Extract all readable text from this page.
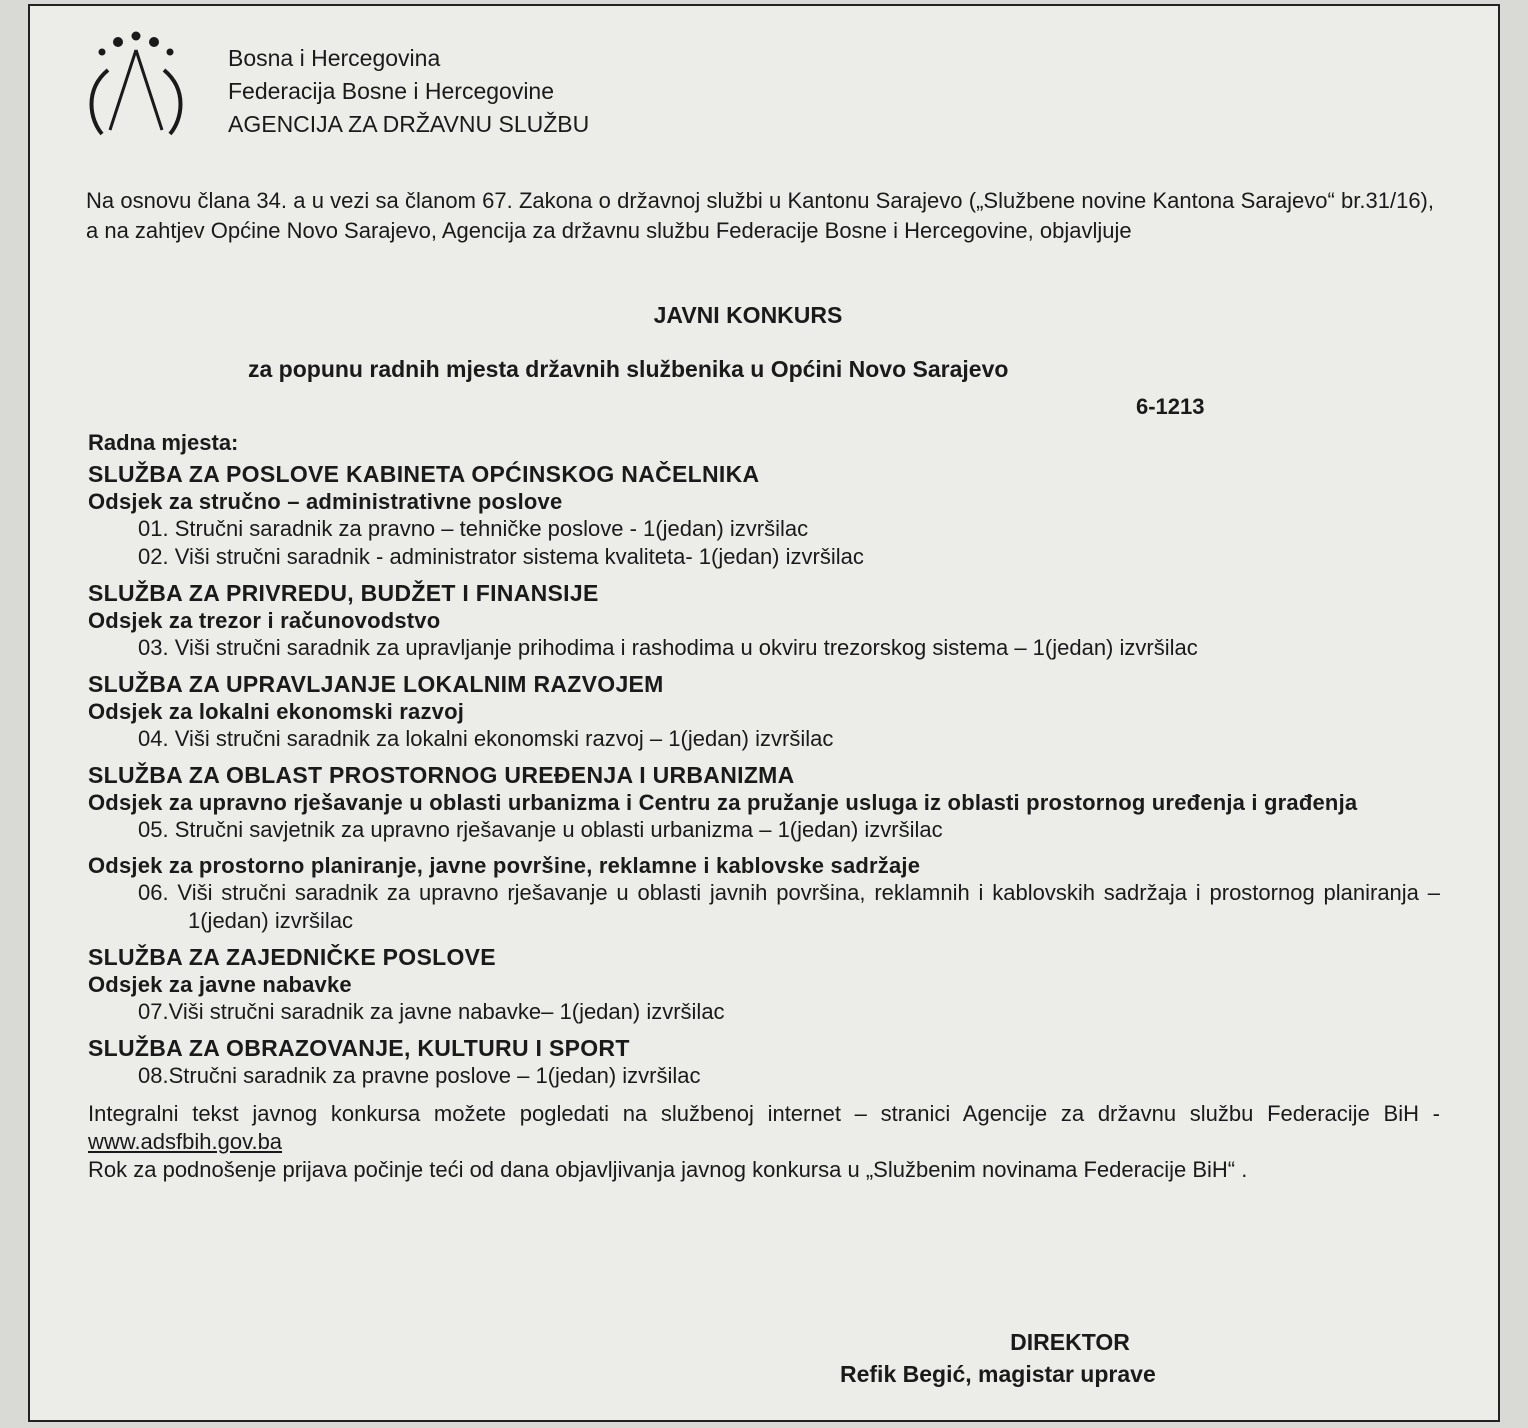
Bosna i Hercegovina
Federacija Bosne i Hercegovine
AGENCIJA ZA DRŽAVNU SLUŽBU
Na osnovu člana 34. a u vezi sa članom 67. Zakona o državnoj službi u Kantonu Sarajevo („Službene novine Kantona Sarajevo“ br.31/16), a na zahtjev Općine Novo Sarajevo, Agencija za državnu službu Federacije Bosne i Hercegovine, objavljuje
JAVNI KONKURS
za popunu radnih mjesta državnih službenika u Općini Novo Sarajevo
6-1213
Radna mjesta:
SLUŽBA ZA POSLOVE KABINETA OPĆINSKOG NAČELNIKA
Odsjek za stručno – administrativne poslove
01. Stručni saradnik za pravno – tehničke poslove - 1(jedan) izvršilac
02. Viši stručni saradnik - administrator sistema kvaliteta- 1(jedan) izvršilac
SLUŽBA ZA PRIVREDU, BUDŽET I FINANSIJE
Odsjek za trezor i računovodstvo
03. Viši stručni saradnik za upravljanje prihodima i rashodima u okviru trezorskog sistema – 1(jedan) izvršilac
SLUŽBA ZA UPRAVLJANJE LOKALNIM RAZVOJEM
Odsjek za lokalni ekonomski razvoj
04. Viši stručni saradnik za lokalni ekonomski razvoj – 1(jedan) izvršilac
SLUŽBA ZA OBLAST PROSTORNOG UREĐENJA I URBANIZMA
Odsjek za upravno rješavanje u oblasti urbanizma i Centru za pružanje usluga iz oblasti prostornog uređenja i građenja
05. Stručni savjetnik za upravno rješavanje u oblasti urbanizma – 1(jedan) izvršilac
Odsjek za prostorno planiranje, javne površine, reklamne i kablovske sadržaje
06. Viši stručni saradnik za upravno rješavanje u oblasti javnih površina, reklamnih i kablovskih sadržaja i prostornog planiranja – 1(jedan) izvršilac
SLUŽBA ZA ZAJEDNIČKE POSLOVE
Odsjek za javne nabavke
07.Viši stručni saradnik za javne nabavke– 1(jedan) izvršilac
SLUŽBA ZA OBRAZOVANJE, KULTURU I SPORT
08.Stručni saradnik za pravne poslove – 1(jedan) izvršilac
Integralni tekst javnog konkursa možete pogledati na službenoj internet – stranici Agencije za državnu službu Federacije BiH - www.adsfbih.gov.ba
Rok za podnošenje prijava počinje teći od dana objavljivanja javnog konkursa u „Službenim novinama Federacije BiH“ .
DIREKTOR
Refik Begić, magistar uprave
